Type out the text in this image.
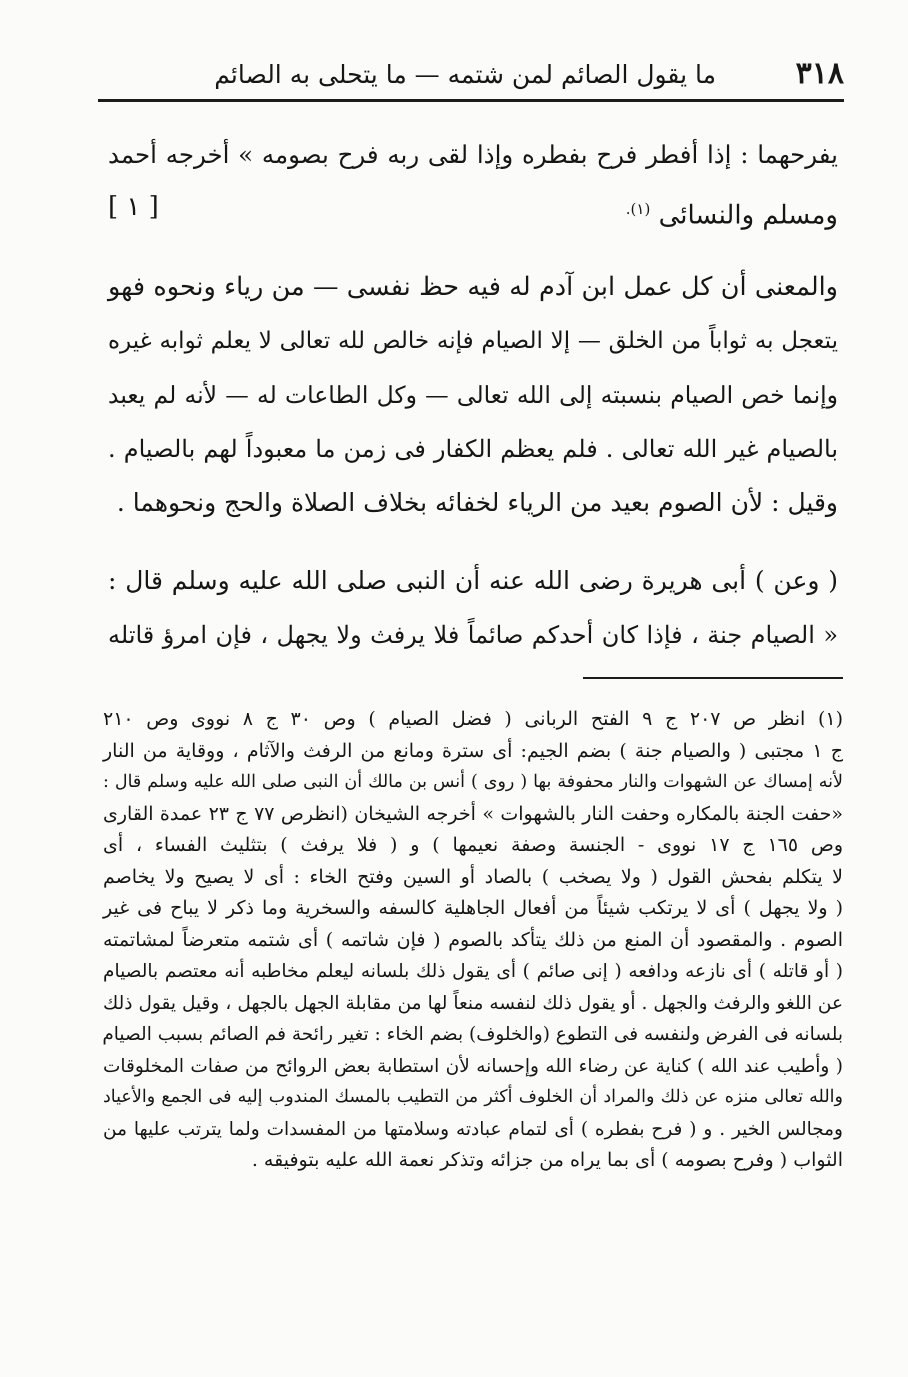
٣١٨
ما يقول الصائم لمن شتمه — ما يتحلى به الصائم
يفرحهما : إذا أفطر فرح بفطره وإذا لقى ربه فرح بصومه » أخرجه أحمد
ومسلم والنسائى $^{(١).}$
والمعنى أن كل عمل ابن آدم له فيه حظ نفسى — من رياء ونحوه فهو
يتعجل به ثواباً من الخلق — إلا الصيام فإنه خالص لله تعالى لا يعلم ثوابه غيره
وإنما خص الصيام بنسبته إلى الله تعالى — وكل الطاعات له — لأنه لم يعبد
بالصيام غير الله تعالى . فلم يعظم الكفار فى زمن ما معبوداً لهم بالصيام .
وقيل : لأن الصوم بعيد من الرياء لخفائه بخلاف الصلاة والحج ونحوهما .
( وعن ) أبى هريرة رضى الله عنه أن النبى صلى الله عليه وسلم قال :
« الصيام جنة ، فإذا كان أحدكم صائماً فلا يرفث ولا يجهل ، فإن امرؤ قاتله
[ ١ ]
(١) انظر ص ٢٠٧ ج ٩ الفتح الربانى ( فضل الصيام ) وص ٣٠ ج ٨ نووى وص ٢١٠
ج ١ مجتبى ( والصيام جنة ) بضم الجيم: أى سترة ومانع من الرفث والآثام ، ووقاية من النار
لأنه إمساك عن الشهوات والنار محفوفة بها ( روى ) أنس بن مالك أن النبى صلى الله عليه وسلم قال :
«حفت الجنة بالمكاره وحفت النار بالشهوات » أخرجه الشيخان (انظرص ٧٧ ج ٢٣ عمدة القارى
وص ١٦٥ ج ١٧ نووى - الجنسة وصفة نعيمها ) و ( فلا يرفث ) بتثليث الفساء ، أى
لا يتكلم بفحش القول ( ولا يصخب ) بالصاد أو السين وفتح الخاء : أى لا يصيح ولا يخاصم
( ولا يجهل ) أى لا يرتكب شيئاً من أفعال الجاهلية كالسفه والسخرية وما ذكر لا يباح فى غير
الصوم . والمقصود أن المنع من ذلك يتأكد بالصوم ( فإن شاتمه ) أى شتمه متعرضاً لمشاتمته
( أو قاتله ) أى نازعه ودافعه ( إنى صائم ) أى يقول ذلك بلسانه ليعلم مخاطبه أنه معتصم بالصيام
عن اللغو والرفث والجهل . أو يقول ذلك لنفسه منعاً لها من مقابلة الجهل بالجهل ، وقيل يقول ذلك
بلسانه فى الفرض ولنفسه فى التطوع (والخلوف) بضم الخاء : تغير رائحة فم الصائم بسبب الصيام
( وأطيب عند الله ) كناية عن رضاء الله وإحسانه لأن استطابة بعض الروائح من صفات المخلوقات
والله تعالى منزه عن ذلك والمراد أن الخلوف أكثر من التطيب بالمسك المندوب إليه فى الجمع والأعياد
ومجالس الخير . و ( فرح بفطره ) أى لتمام عبادته وسلامتها من المفسدات ولما يترتب عليها من
الثواب ( وفرح بصومه ) أى بما يراه من جزائه وتذكر نعمة الله عليه بتوفيقه .
